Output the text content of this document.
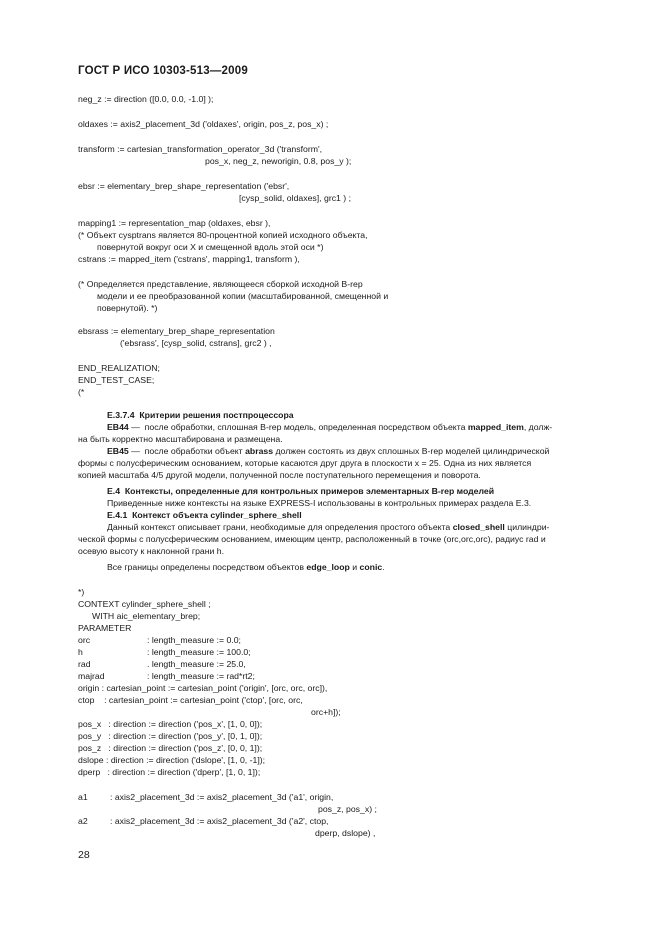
ГОСТ Р ИСО 10303-513—2009
neg_z := direction ([0.0, 0.0, -1.0] );
oldaxes := axis2_placement_3d ('oldaxes', origin, pos_z, pos_x) ;
transform := cartesian_transformation_operator_3d ('transform',
pos_x, neg_z, neworigin, 0.8, pos_y );
ebsr := elementary_brep_shape_representation ('ebsr',
[cysp_solid, oldaxes], grc1 ) ;
mapping1 := representation_map (oldaxes, ebsr ),
(* Объект cysptrans является 80-процентной копией исходного объекта,
повернутой вокруг оси X и смещенной вдоль этой оси *)
cstrans := mapped_item ('cstrans', mapping1, transform ),
(* Определяется представление, являющееся сборкой исходной B-rep
модели и ее преобразованной копии (масштабированной, смещенной и
повернутой). *)
ebsrass := elementary_brep_shape_representation
('ebsrass', [cysp_solid, cstrans], grc2 ) ,
END_REALIZATION;
END_TEST_CASE;
(*
E.3.7.4  Критерии решения постпроцессора
EB44 —  после обработки, сплошная B-rep модель, определенная посредством объекта mapped_item, долж-
на быть корректно масштабирована и размещена.
EB45 —  после обработки объект abrass должен состоять из двух сплошных B-rep моделей цилиндрической
формы с полусферическим основанием, которые касаются друг друга в плоскости x = 25. Одна из них является
копией масштаба 4/5 другой модели, полученной после поступательного перемещения и поворота.
E.4  Контексты, определенные для контрольных примеров элементарных B-rep моделей
Приведенные ниже контексты на языке EXPRESS-I использованы в контрольных примерах раздела E.3.
E.4.1  Контекст объекта cylinder_sphere_shell
Данный контекст описывает грани, необходимые для определения простого объекта closed_shell цилиндри-
ческой формы с полусферическим основанием, имеющим центр, расположенный в точке (orc,orc,orc), радиус rad и
осевую высоту к наклонной грани h.
Все границы определены посредством объектов edge_loop и conic.
*)
CONTEXT cylinder_sphere_shell ;
WITH aic_elementary_brep;
PARAMETER
orc	: length_measure := 0.0;
h	: length_measure := 100.0;
rad	. length_measure := 25.0,
majrad	: length_measure := rad*rt2;
origin : cartesian_point := cartesian_point ('origin', [orc, orc, orc]),
ctop    : cartesian_point := cartesian_point ('ctop', [orc, orc,
orc+h]);
pos_x   : direction := direction ('pos_x', [1, 0, 0]);
pos_y   : direction := direction ('pos_y', [0, 1, 0]);
pos_z   : direction := direction ('pos_z', [0, 0, 1]);
dslope : direction := direction ('dslope', [1, 0, -1]);
dperp   : direction := direction ('dperp', [1, 0, 1]);
a1	: axis2_placement_3d := axis2_placement_3d ('a1', origin,
pos_z, pos_x) ;
a2	: axis2_placement_3d := axis2_placement_3d ('a2', ctop,
dperp, dslope) ,
28
